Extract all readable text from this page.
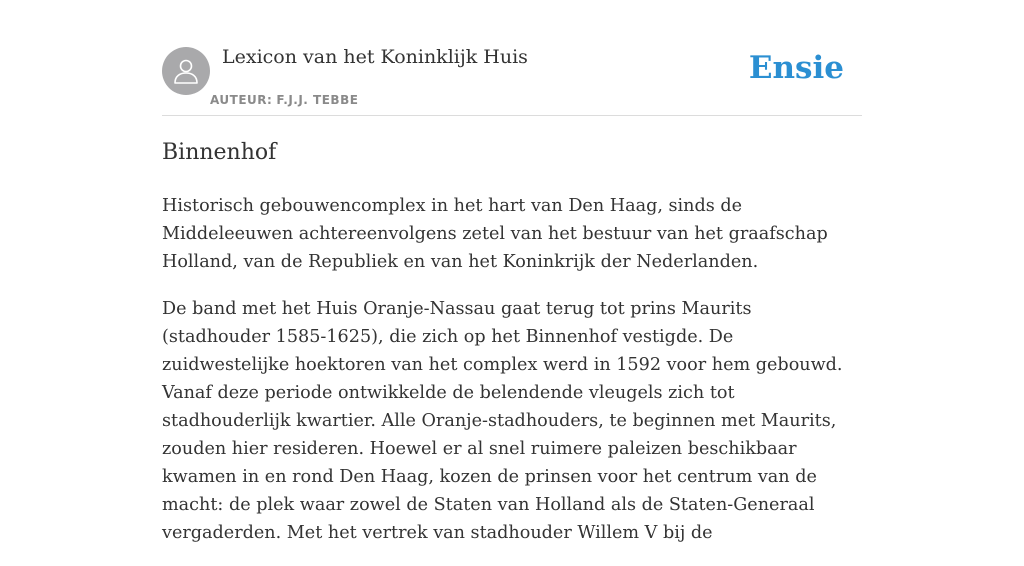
Lexicon van het Koninklijk Huis
AUTEUR: F.J.J. TEBBE
Ensie
Binnenhof

Historisch gebouwencomplex in het hart van Den Haag, sinds de Middeleeuwen achtereenvolgens zetel van het bestuur van het graafschap Holland, van de Republiek en van het Koninkrijk der Nederlanden.

De band met het Huis Oranje-Nassau gaat terug tot prins Maurits (stadhouder 1585-1625), die zich op het Binnenhof vestigde. De zuidwestelijke hoektoren van het complex werd in 1592 voor hem gebouwd. Vanaf deze periode ontwikkelde de belendende vleugels zich tot stadhouderlijk kwartier. Alle Oranje-stadhouders, te beginnen met Maurits, zouden hier resideren. Hoewel er al snel ruimere paleizen beschikbaar kwamen in en rond Den Haag, kozen de prinsen voor het centrum van de macht: de plek waar zowel de Staten van Holland als de Staten-Generaal vergaderden. Met het vertrek van stadhouder Willem V bij de
